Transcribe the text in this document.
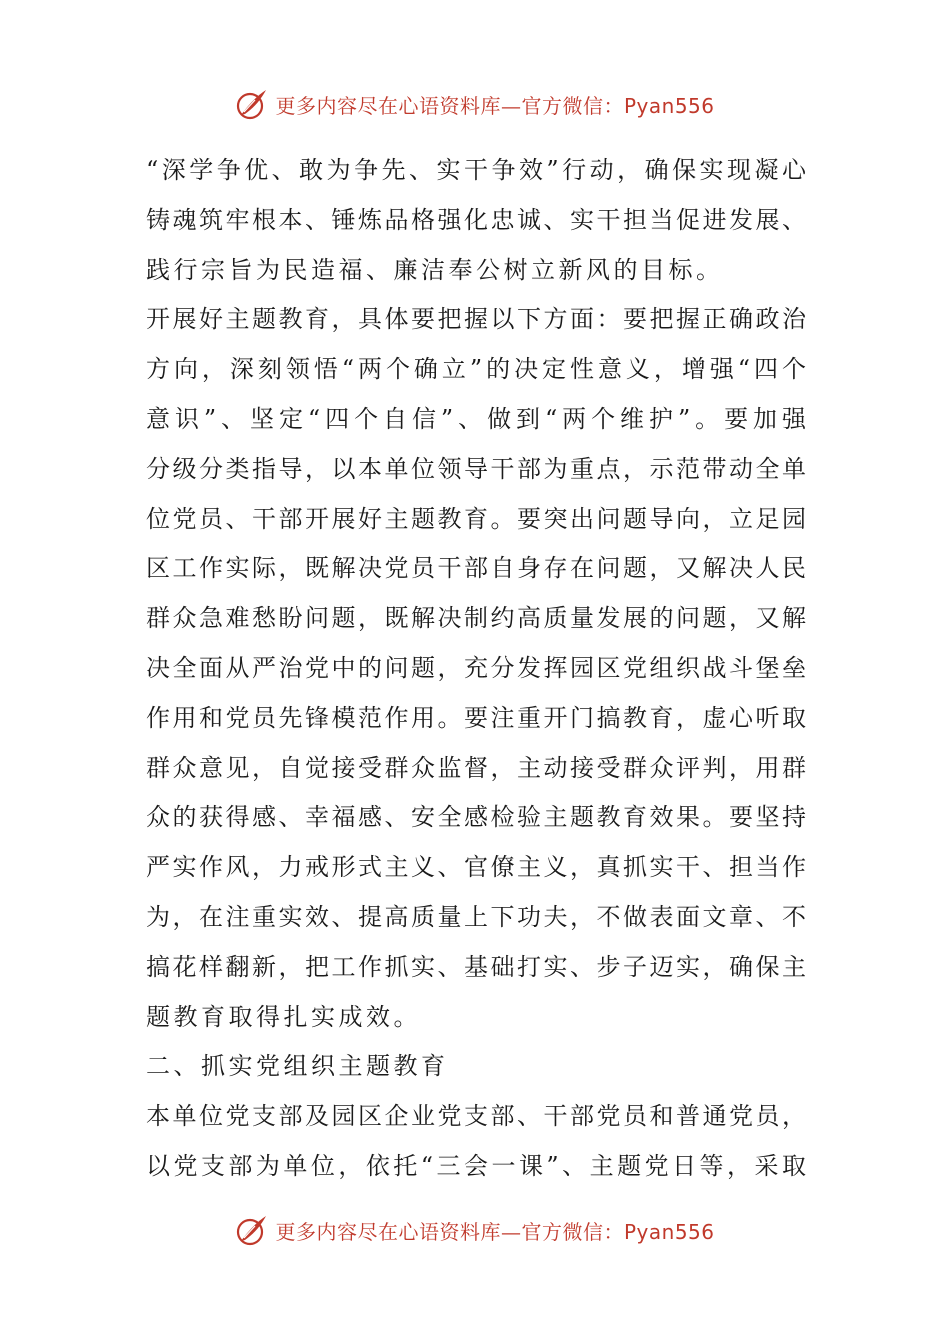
更多内容尽在心语资料库—官方微信：Pyan556
“深学争优、敢为争先、实干争效”行动，确保实现凝心
铸魂筑牢根本、锤炼品格强化忠诚、实干担当促进发展、
践行宗旨为民造福、廉洁奉公树立新风的目标。
开展好主题教育，具体要把握以下方面：要把握正确政治
方向，深刻领悟“两个确立”的决定性意义，增强“四个
意识”、坚定“四个自信”、做到“两个维护”。要加强
分级分类指导，以本单位领导干部为重点，示范带动全单
位党员、干部开展好主题教育。要突出问题导向，立足园
区工作实际，既解决党员干部自身存在问题，又解决人民
群众急难愁盼问题，既解决制约高质量发展的问题，又解
决全面从严治党中的问题，充分发挥园区党组织战斗堡垒
作用和党员先锋模范作用。要注重开门搞教育，虚心听取
群众意见，自觉接受群众监督，主动接受群众评判，用群
众的获得感、幸福感、安全感检验主题教育效果。要坚持
严实作风，力戒形式主义、官僚主义，真抓实干、担当作
为，在注重实效、提高质量上下功夫，不做表面文章、不
搞花样翻新，把工作抓实、基础打实、步子迈实，确保主
题教育取得扎实成效。
二、抓实党组织主题教育
本单位党支部及园区企业党支部、干部党员和普通党员，
以党支部为单位，依托“三会一课”、主题党日等，采取
更多内容尽在心语资料库—官方微信：Pyan556
